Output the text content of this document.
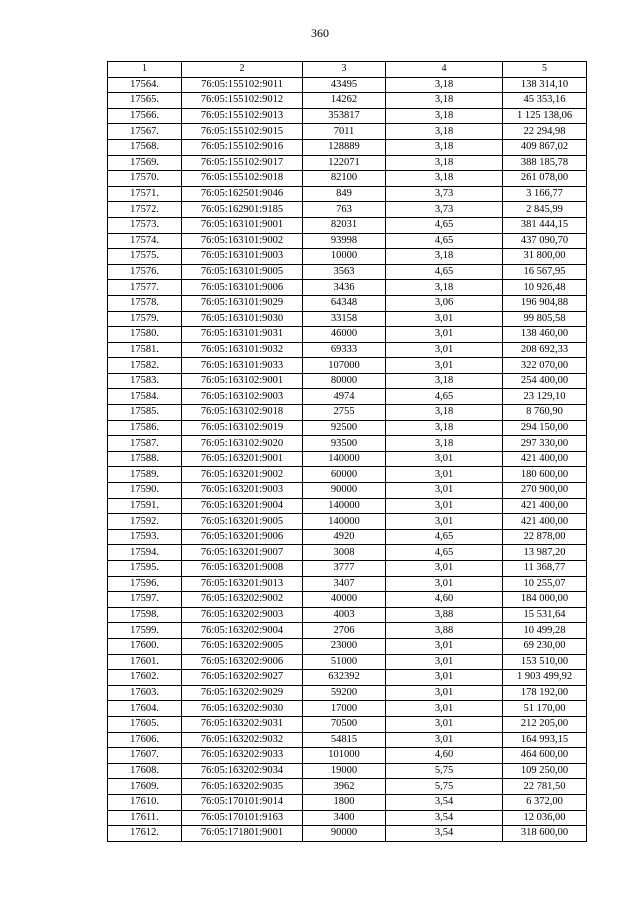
360
1	2	3	4	5
17564.	76:05:155102:9011	43495	3,18	138 314,10
17565.	76:05:155102:9012	14262	3,18	45 353,16
17566.	76:05:155102:9013	353817	3,18	1 125 138,06
17567.	76:05:155102:9015	7011	3,18	22 294,98
17568.	76:05:155102:9016	128889	3,18	409 867,02
17569.	76:05:155102:9017	122071	3,18	388 185,78
17570.	76:05:155102:9018	82100	3,18	261 078,00
17571.	76:05:162501:9046	849	3,73	3 166,77
17572.	76:05:162901:9185	763	3,73	2 845,99
17573.	76:05:163101:9001	82031	4,65	381 444,15
17574.	76:05:163101:9002	93998	4,65	437 090,70
17575.	76:05:163101:9003	10000	3,18	31 800,00
17576.	76:05:163101:9005	3563	4,65	16 567,95
17577.	76:05:163101:9006	3436	3,18	10 926,48
17578.	76:05:163101:9029	64348	3,06	196 904,88
17579.	76:05:163101:9030	33158	3,01	99 805,58
17580.	76:05:163101:9031	46000	3,01	138 460,00
17581.	76:05:163101:9032	69333	3,01	208 692,33
17582.	76:05:163101:9033	107000	3,01	322 070,00
17583.	76:05:163102:9001	80000	3,18	254 400,00
17584.	76:05:163102:9003	4974	4,65	23 129,10
17585.	76:05:163102:9018	2755	3,18	8 760,90
17586.	76:05:163102:9019	92500	3,18	294 150,00
17587.	76:05:163102:9020	93500	3,18	297 330,00
17588.	76:05:163201:9001	140000	3,01	421 400,00
17589.	76:05:163201:9002	60000	3,01	180 600,00
17590.	76:05:163201:9003	90000	3,01	270 900,00
17591.	76:05:163201:9004	140000	3,01	421 400,00
17592.	76:05:163201:9005	140000	3,01	421 400,00
17593.	76:05:163201:9006	4920	4,65	22 878,00
17594.	76:05:163201:9007	3008	4,65	13 987,20
17595.	76:05:163201:9008	3777	3,01	11 368,77
17596.	76:05:163201:9013	3407	3,01	10 255,07
17597.	76:05:163202:9002	40000	4,60	184 000,00
17598.	76:05:163202:9003	4003	3,88	15 531,64
17599.	76:05:163202:9004	2706	3,88	10 499,28
17600.	76:05:163202:9005	23000	3,01	69 230,00
17601.	76:05:163202:9006	51000	3,01	153 510,00
17602.	76:05:163202:9027	632392	3,01	1 903 499,92
17603.	76:05:163202:9029	59200	3,01	178 192,00
17604.	76:05:163202:9030	17000	3,01	51 170,00
17605.	76:05:163202:9031	70500	3,01	212 205,00
17606.	76:05:163202:9032	54815	3,01	164 993,15
17607.	76:05:163202:9033	101000	4,60	464 600,00
17608.	76:05:163202:9034	19000	5,75	109 250,00
17609.	76:05:163202:9035	3962	5,75	22 781,50
17610.	76:05:170101:9014	1800	3,54	6 372,00
17611.	76:05:170101:9163	3400	3,54	12 036,00
17612.	76:05:171801:9001	90000	3,54	318 600,00
